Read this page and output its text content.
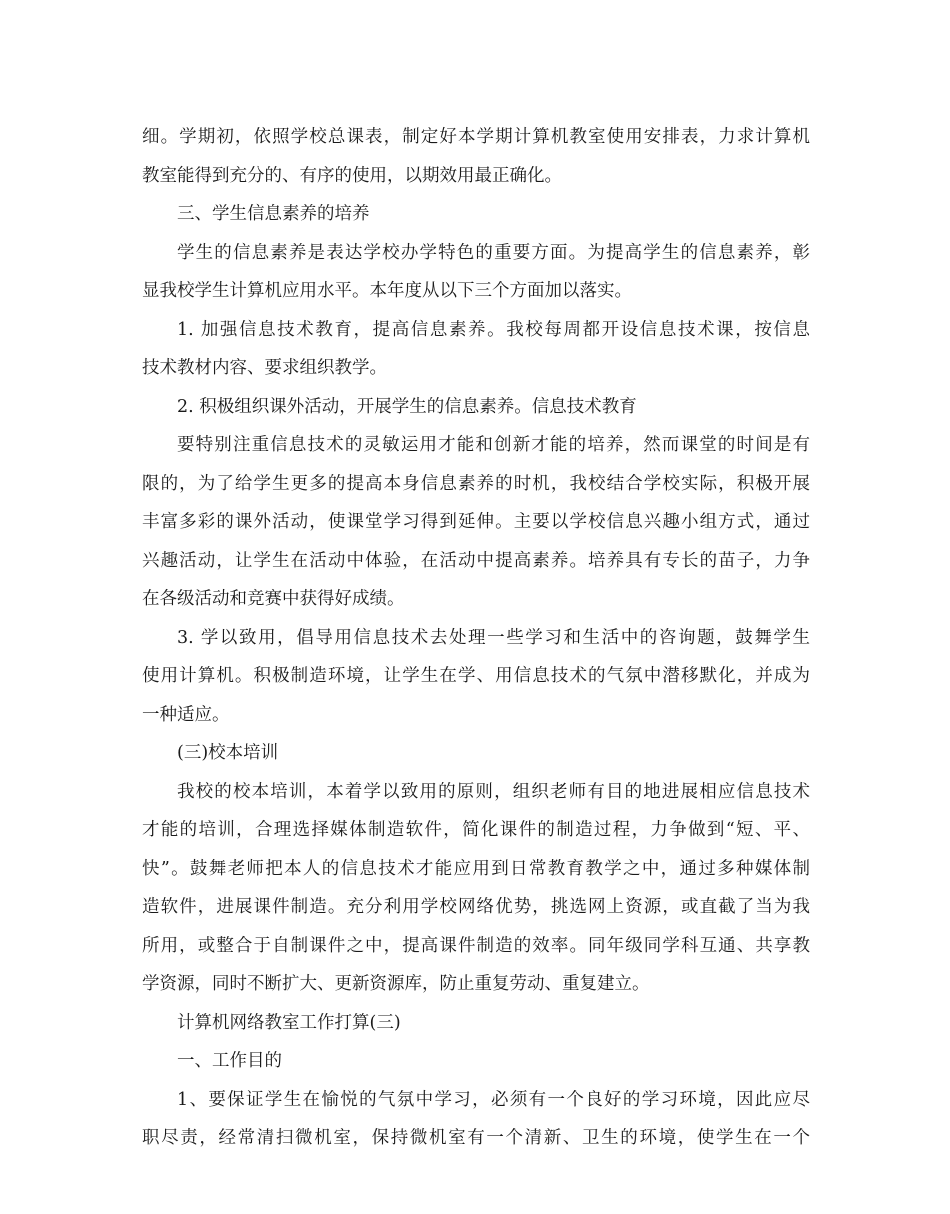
细。学期初，依照学校总课表，制定好本学期计算机教室使用安排表，力求计算机
教室能得到充分的、有序的使用，以期效用最正确化。
三、学生信息素养的培养
学生的信息素养是表达学校办学特色的重要方面。为提高学生的信息素养，彰
显我校学生计算机应用水平。本年度从以下三个方面加以落实。
1. 加强信息技术教育，提高信息素养。我校每周都开设信息技术课，按信息
技术教材内容、要求组织教学。
2. 积极组织课外活动，开展学生的信息素养。信息技术教育
要特别注重信息技术的灵敏运用才能和创新才能的培养，然而课堂的时间是有
限的，为了给学生更多的提高本身信息素养的时机，我校结合学校实际，积极开展
丰富多彩的课外活动，使课堂学习得到延伸。主要以学校信息兴趣小组方式，通过
兴趣活动，让学生在活动中体验，在活动中提高素养。培养具有专长的苗子，力争
在各级活动和竞赛中获得好成绩。
3. 学以致用，倡导用信息技术去处理一些学习和生活中的咨询题，鼓舞学生
使用计算机。积极制造环境，让学生在学、用信息技术的气氛中潜移默化，并成为
一种适应。
(三)校本培训
我校的校本培训，本着学以致用的原则，组织老师有目的地进展相应信息技术
才能的培训，合理选择媒体制造软件，简化课件的制造过程，力争做到“短、平、
快”。鼓舞老师把本人的信息技术才能应用到日常教育教学之中，通过多种媒体制
造软件，进展课件制造。充分利用学校网络优势，挑选网上资源，或直截了当为我
所用，或整合于自制课件之中，提高课件制造的效率。同年级同学科互通、共享教
学资源，同时不断扩大、更新资源库，防止重复劳动、重复建立。
计算机网络教室工作打算(三)
一、工作目的
1、要保证学生在愉悦的气氛中学习，必须有一个良好的学习环境，因此应尽
职尽责，经常清扫微机室，保持微机室有一个清新、卫生的环境，使学生在一个
